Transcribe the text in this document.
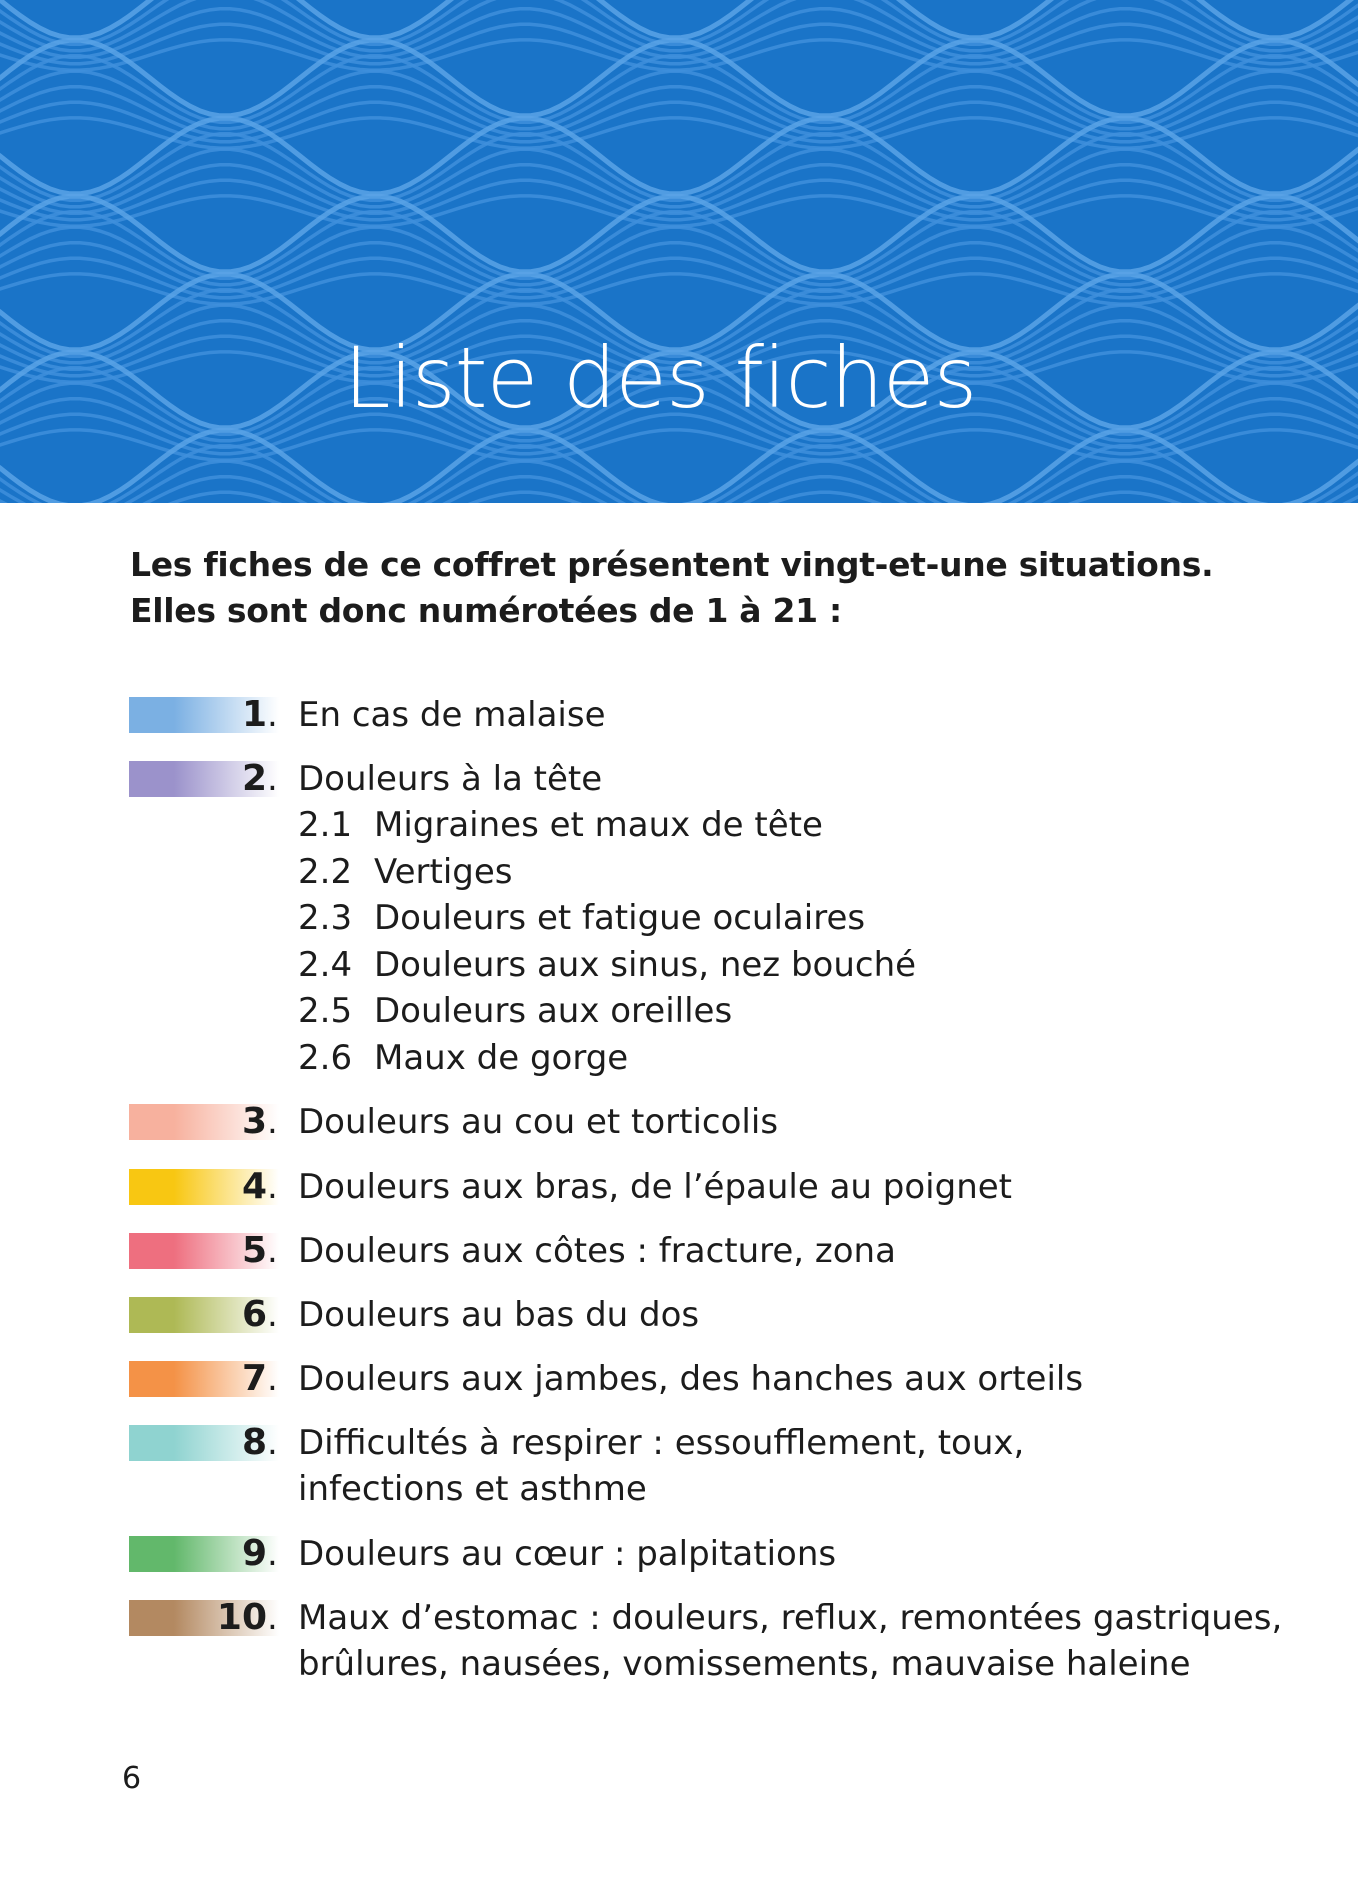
Liste des fiches
Les fiches de ce coffret présentent vingt-et-une situations.
Elles sont donc numérotées de 1 à 21 :
1 . En cas de malaise
2 . Douleurs à la tête
2.1 Migraines et maux de tête
2.2 Vertiges
2.3 Douleurs et fatigue oculaires
2.4 Douleurs aux sinus, nez bouché
2.5 Douleurs aux oreilles
2.6 Maux de gorge
3 . Douleurs au cou et torticolis
4 . Douleurs aux bras, de l’épaule au poignet
5 . Douleurs aux côtes : fracture, zona
6 . Douleurs au bas du dos
7 . Douleurs aux jambes, des hanches aux orteils
8 . Difficultés à respirer : essoufflement, toux,
infections et asthme
9 . Douleurs au cœur : palpitations
10 . Maux d’estomac : douleurs, reflux, remontées gastriques,
brûlures, nausées, vomissements, mauvaise haleine
6
